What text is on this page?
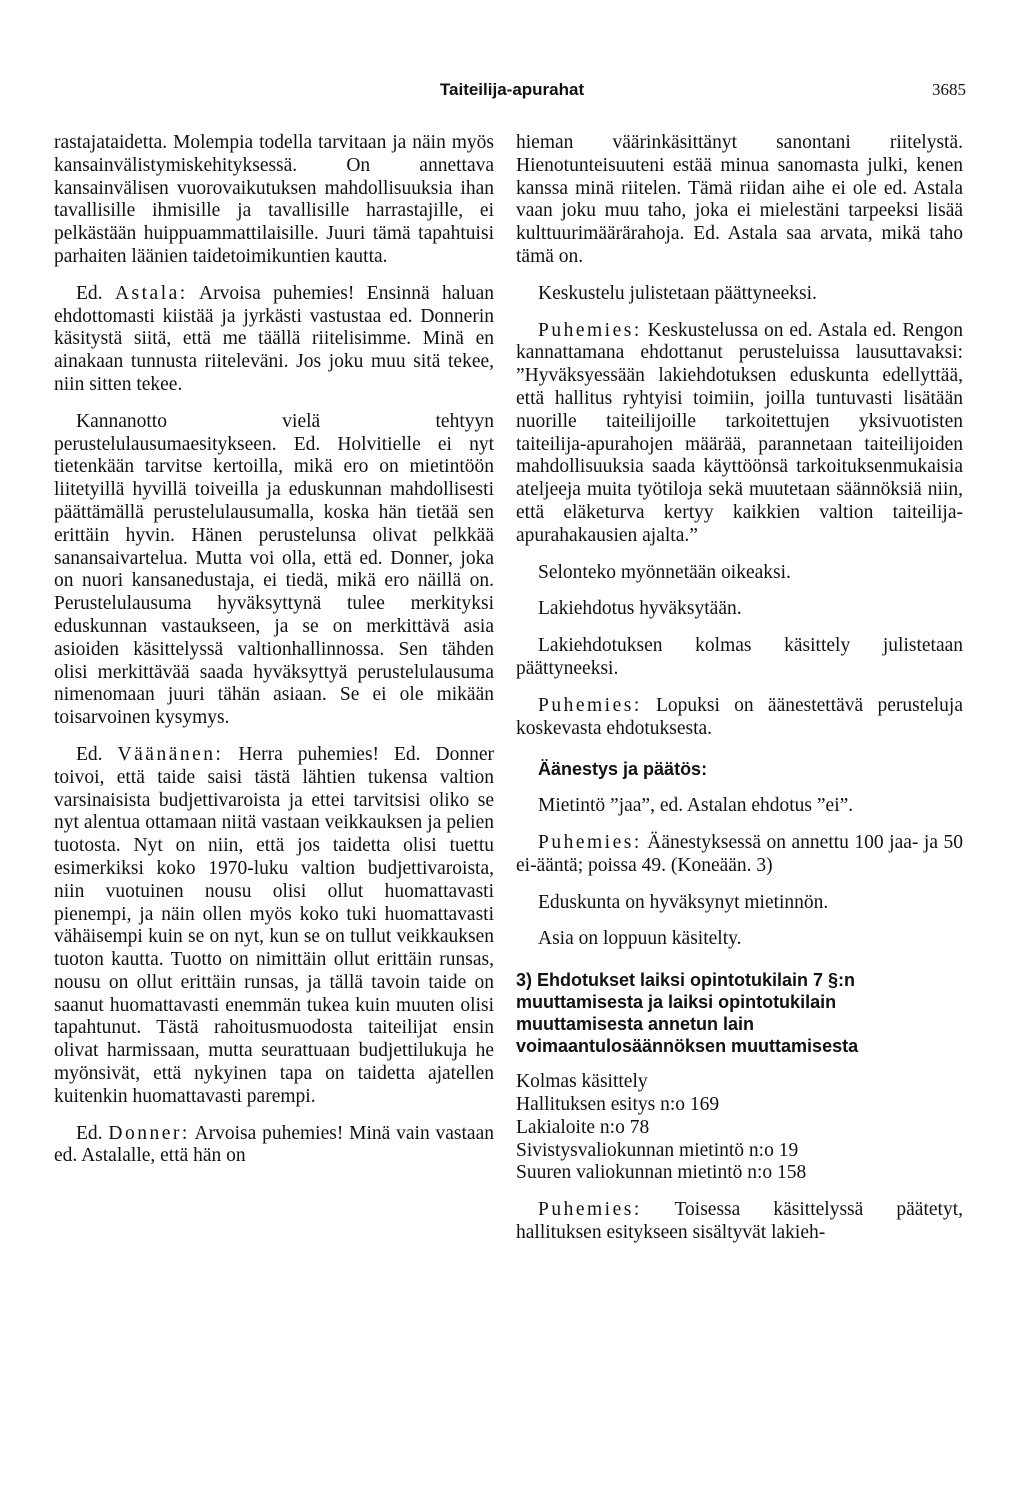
Taiteilija-apurahat	3685

rastajataidetta. Molempia todella tarvitaan ja näin myös kansainvälistymiskehityksessä. On annettava kansainvälisen vuorovaikutuksen mahdollisuuksia ihan tavallisille ihmisille ja tavallisille harrastajille, ei pelkästään huippuammattilaisille. Juuri tämä tapahtuisi parhaiten läänien taidetoimikuntien kautta.

Ed. Astala: Arvoisa puhemies! Ensinnä haluan ehdottomasti kiistää ja jyrkästi vastustaa ed. Donnerin käsitystä siitä, että me täällä riitelisimme. Minä en ainakaan tunnusta riiteleväni. Jos joku muu sitä tekee, niin sitten tekee.

Kannanotto vielä tehtyyn perustelulausumaesitykseen. Ed. Holvitielle ei nyt tietenkään tarvitse kertoilla, mikä ero on mietintöön liitetyillä hyvillä toiveilla ja eduskunnan mahdollisesti päättämällä perustelulausumalla, koska hän tietää sen erittäin hyvin. Hänen perustelunsa olivat pelkkää sanansaivartelua. Mutta voi olla, että ed. Donner, joka on nuori kansanedustaja, ei tiedä, mikä ero näillä on. Perustelulausuma hyväksyttynä tulee merkityksi eduskunnan vastaukseen, ja se on merkittävä asia asioiden käsittelyssä valtionhallinnossa. Sen tähden olisi merkittävää saada hyväksyttyä perustelulausuma nimenomaan juuri tähän asiaan. Se ei ole mikään toisarvoinen kysymys.

Ed. Väänänen: Herra puhemies! Ed. Donner toivoi, että taide saisi tästä lähtien tukensa valtion varsinaisista budjettivaroista ja ettei tarvitsisi oliko se nyt alentua ottamaan niitä vastaan veikkauksen ja pelien tuotosta. Nyt on niin, että jos taidetta olisi tuettu esimerkiksi koko 1970-luku valtion budjettivaroista, niin vuotuinen nousu olisi ollut huomattavasti pienempi, ja näin ollen myös koko tuki huomattavasti vähäisempi kuin se on nyt, kun se on tullut veikkauksen tuoton kautta. Tuotto on nimittäin ollut erittäin runsas, nousu on ollut erittäin runsas, ja tällä tavoin taide on saanut huomattavasti enemmän tukea kuin muuten olisi tapahtunut. Tästä rahoitusmuodosta taiteilijat ensin olivat harmissaan, mutta seurattuaan budjettilukuja he myönsivät, että nykyinen tapa on taidetta ajatellen kuitenkin huomattavasti parempi.

Ed. Donner: Arvoisa puhemies! Minä vain vastaan ed. Astalalle, että hän on

hieman väärinkäsittänyt sanontani riitelystä. Hienotunteisuuteni estää minua sanomasta julki, kenen kanssa minä riitelen. Tämä riidan aihe ei ole ed. Astala vaan joku muu taho, joka ei mielestäni tarpeeksi lisää kulttuurimäärärahoja. Ed. Astala saa arvata, mikä taho tämä on.

Keskustelu julistetaan päättyneeksi.

Puhemies: Keskustelussa on ed. Astala ed. Rengon kannattamana ehdottanut perusteluissa lausuttavaksi: ”Hyväksyessään lakiehdotuksen eduskunta edellyttää, että hallitus ryhtyisi toimiin, joilla tuntuvasti lisätään nuorille taiteilijoille tarkoitettujen yksivuotisten taiteilija-apurahojen määrää, parannetaan taiteilijoiden mahdollisuuksia saada käyttöönsä tarkoituksenmukaisia ateljeeja muita työtiloja sekä muutetaan säännöksiä niin, että eläketurva kertyy kaikkien valtion taiteilija-apurahakausien ajalta.”

Selonteko myönnetään oikeaksi.

Lakiehdotus hyväksytään.

Lakiehdotuksen kolmas käsittely julistetaan päättyneeksi.

Puhemies: Lopuksi on äänestettävä perusteluja koskevasta ehdotuksesta.

Äänestys ja päätös:

Mietintö ”jaa”, ed. Astalan ehdotus ”ei”.

Puhemies: Äänestyksessä on annettu 100 jaa- ja 50 ei-ääntä; poissa 49. (Koneään. 3)

Eduskunta on hyväksynyt mietinnön.

Asia on loppuun käsitelty.

3) Ehdotukset laiksi opintotukilain 7 §:n muuttamisesta ja laiksi opintotukilain muuttamisesta annetun lain voimaantulosäännöksen muuttamisesta
Kolmas käsittely
Hallituksen esitys n:o 169
Lakialoite n:o 78
Sivistysvaliokunnan mietintö n:o 19
Suuren valiokunnan mietintö n:o 158

Puhemies: Toisessa käsittelyssä päätetyt, hallituksen esitykseen sisältyvät lakieh-
